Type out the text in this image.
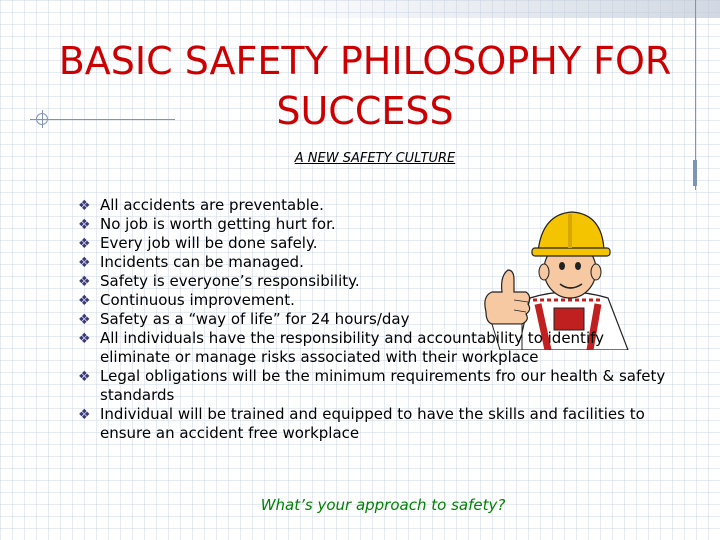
BASIC SAFETY PHILOSOPHY FOR
SUCCESS
A NEW SAFETY CULTURE
❖ All accidents are preventable.
❖ No job is worth getting hurt for.
❖ Every job will be done safely.
❖ Incidents can be managed.
❖ Safety is everyone’s responsibility.
❖ Continuous improvement.
❖ Safety as a “way of life” for 24 hours/day
❖ All individuals have the responsibility and accountability to identify eliminate or manage risks associated with their workplace
❖ Legal obligations will be the minimum requirements fro our health & safety standards
❖ Individual will be trained and equipped to have the skills and facilities to ensure an accident free workplace
What’s your approach to safety?
